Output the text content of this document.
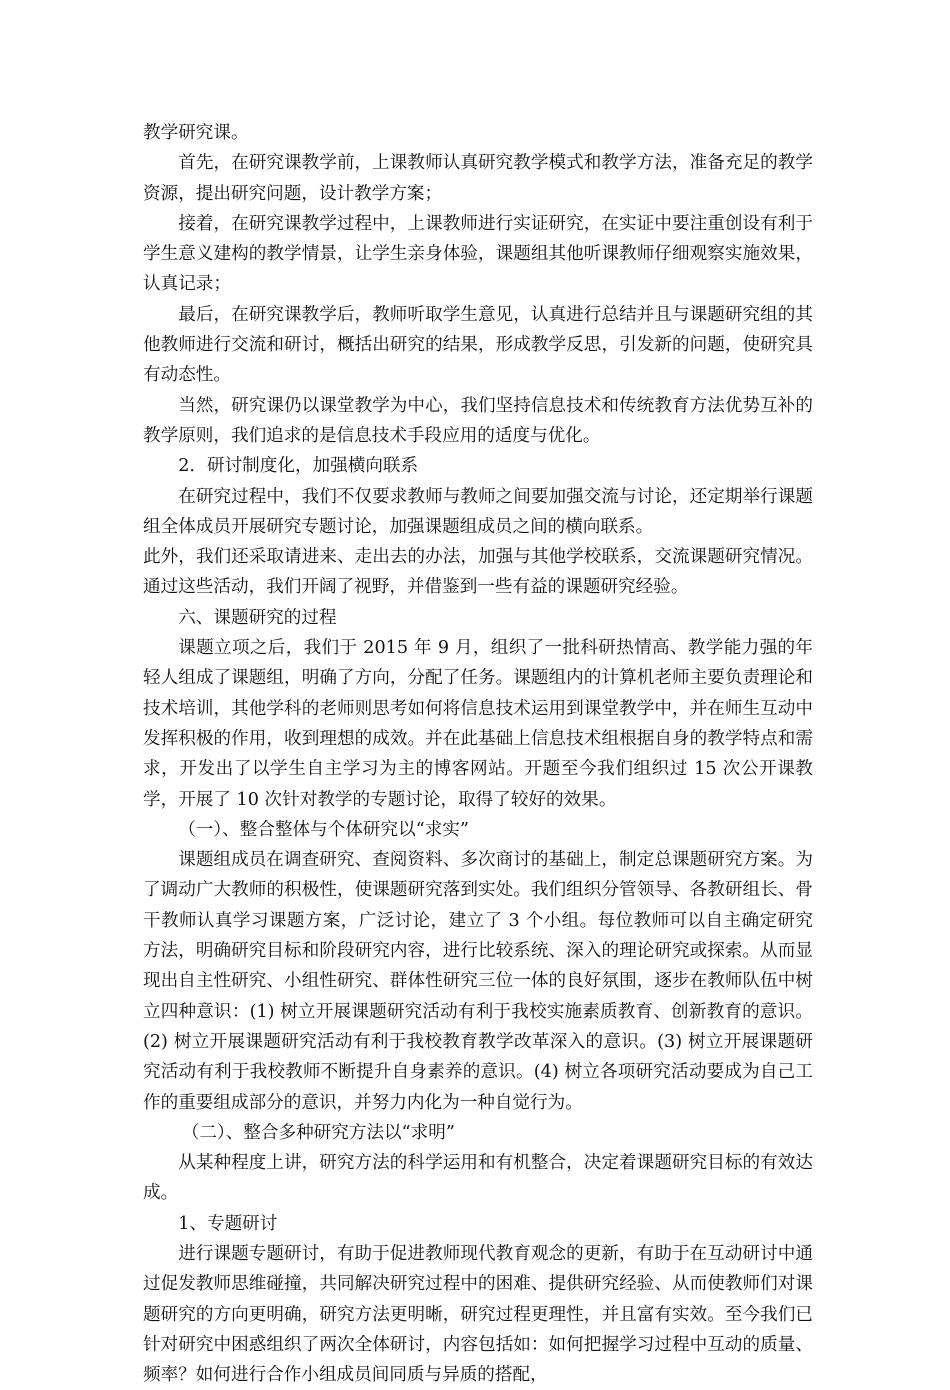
教学研究课。

首先，在研究课教学前，上课教师认真研究教学模式和教学方法，准备充足的教学资源，提出研究问题，设计教学方案；

接着，在研究课教学过程中，上课教师进行实证研究，在实证中要注重创设有利于学生意义建构的教学情景，让学生亲身体验，课题组其他听课教师仔细观察实施效果，认真记录；

最后，在研究课教学后，教师听取学生意见，认真进行总结并且与课题研究组的其他教师进行交流和研讨，概括出研究的结果，形成教学反思，引发新的问题，使研究具有动态性。

当然，研究课仍以课堂教学为中心，我们坚持信息技术和传统教育方法优势互补的教学原则，我们追求的是信息技术手段应用的适度与优化。

2．研讨制度化，加强横向联系

在研究过程中，我们不仅要求教师与教师之间要加强交流与讨论，还定期举行课题组全体成员开展研究专题讨论，加强课题组成员之间的横向联系。

此外，我们还采取请进来、走出去的办法，加强与其他学校联系，交流课题研究情况。通过这些活动，我们开阔了视野，并借鉴到一些有益的课题研究经验。

六、课题研究的过程

课题立项之后，我们于 2015 年 9 月，组织了一批科研热情高、教学能力强的年轻人组成了课题组，明确了方向，分配了任务。课题组内的计算机老师主要负责理论和技术培训，其他学科的老师则思考如何将信息技术运用到课堂教学中，并在师生互动中发挥积极的作用，收到理想的成效。并在此基础上信息技术组根据自身的教学特点和需求，开发出了以学生自主学习为主的博客网站。开题至今我们组织过 15 次公开课教学，开展了 10 次针对教学的专题讨论，取得了较好的效果。

（一）、整合整体与个体研究以“求实”

课题组成员在调查研究、查阅资料、多次商讨的基础上，制定总课题研究方案。为了调动广大教师的积极性，使课题研究落到实处。我们组织分管领导、各教研组长、骨干教师认真学习课题方案，广泛讨论，建立了 3 个小组。每位教师可以自主确定研究方法，明确研究目标和阶段研究内容，进行比较系统、深入的理论研究或探索。从而显现出自主性研究、小组性研究、群体性研究三位一体的良好氛围，逐步在教师队伍中树立四种意识：(1) 树立开展课题研究活动有利于我校实施素质教育、创新教育的意识。(2) 树立开展课题研究活动有利于我校教育教学改革深入的意识。(3) 树立开展课题研究活动有利于我校教师不断提升自身素养的意识。(4) 树立各项研究活动要成为自己工作的重要组成部分的意识，并努力内化为一种自觉行为。

（二）、整合多种研究方法以“求明”

从某种程度上讲，研究方法的科学运用和有机整合，决定着课题研究目标的有效达成。

1、专题研讨

进行课题专题研讨，有助于促进教师现代教育观念的更新，有助于在互动研讨中通过促发教师思维碰撞，共同解决研究过程中的困难、提供研究经验、从而使教师们对课题研究的方向更明确，研究方法更明晰，研究过程更理性，并且富有实效。至今我们已针对研究中困惑组织了两次全体研讨，内容包括如：如何把握学习过程中互动的质量、频率？如何进行合作小组成员间同质与异质的搭配，
